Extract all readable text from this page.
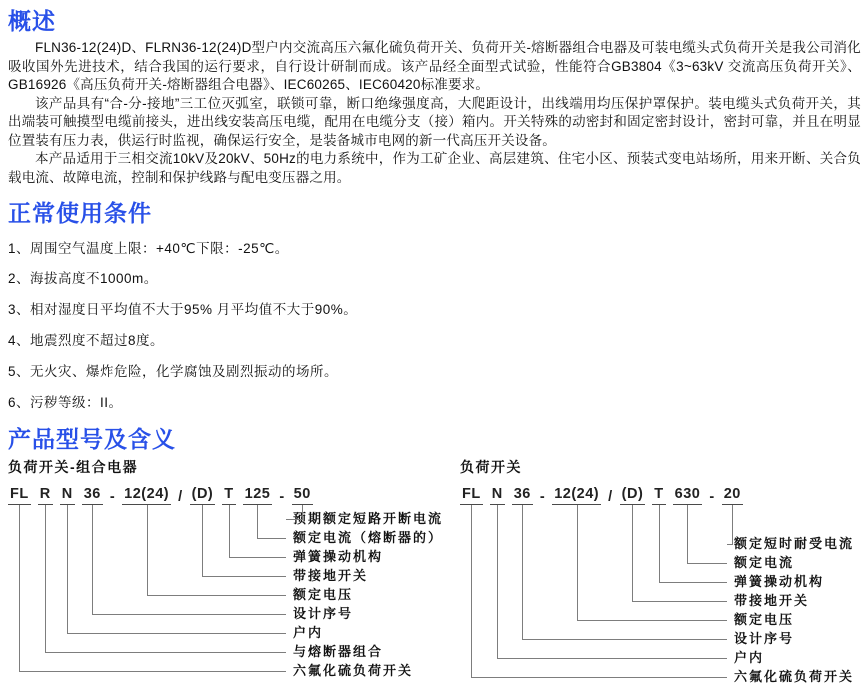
概述

FLN36-12(24)D、FLRN36-12(24)D型户内交流高压六氟化硫负荷开关、负荷开关-熔断器组合电器及可装电缆头式负荷开关是我公司消化吸收国外先进技术，结合我国的运行要求，自行设计研制而成。该产品经全面型式试验，性能符合GB3804《3~63kV 交流高压负荷开关》、GB16926《高压负荷开关-熔断器组合电器》、IEC60265、IEC60420标准要求。

该产品具有“合-分-接地”三工位灭弧室，联锁可靠，断口绝缘强度高，大爬距设计，出线端用均压保护罩保护。装电缆头式负荷开关，其出端装可触摸型电缆前接头，进出线安装高压电缆，配用在电缆分支（接）箱内。开关特殊的动密封和固定密封设计，密封可靠，并且在明显位置装有压力表，供运行时监视，确保运行安全，是装备城市电网的新一代高压开关设备。

本产品适用于三相交流10kV及20kV、50Hz的电力系统中，作为工矿企业、高层建筑、住宅小区、预装式变电站场所，用来开断、关合负载电流、故障电流，控制和保护线路与配电变压器之用。

正常使用条件

1、周围空气温度上限：+40℃下限：-25℃。

2、海拔高度不1000m。

3、相对湿度日平均值不大于95% 月平均值不大于90%。

4、地震烈度不超过8度。

5、无火灾、爆炸危险，化学腐蚀及剧烈振动的场所。

6、污秽等级：II。

产品型号及含义
负荷开关-组合电器
FL R N 36 - 12(24) / (D) T 125 - 50
预期额定短路开断电流
额定电流（熔断器的）
弹簧操动机构
带接地开关
额定电压
设计序号
户内
与熔断器组合
六氟化硫负荷开关
负荷开关
FL N 36 - 12(24) / (D) T 630 - 20
额定短时耐受电流
额定电流
弹簧操动机构
带接地开关
额定电压
设计序号
户内
六氟化硫负荷开关
